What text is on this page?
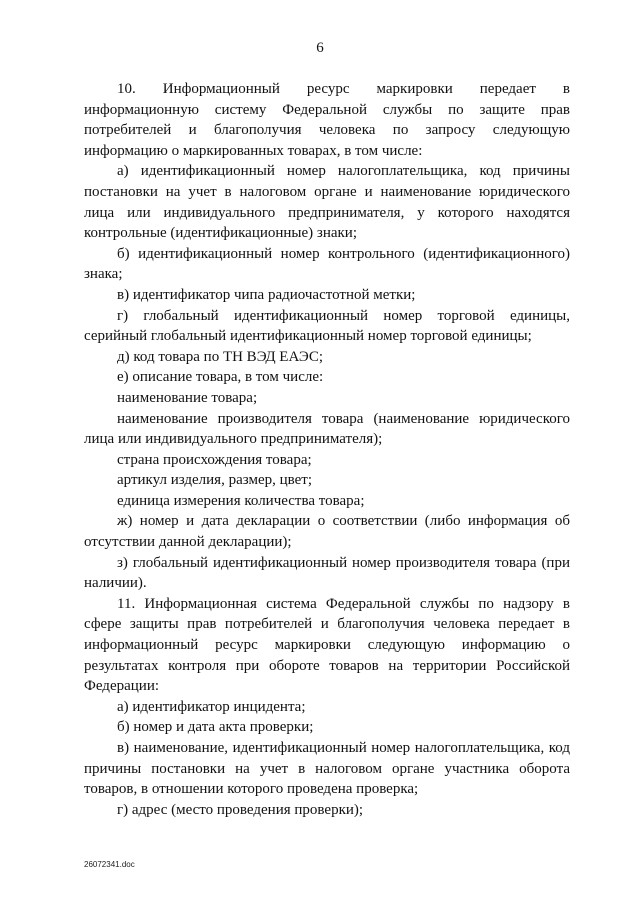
6

10. Информационный ресурс маркировки передает в информационную систему Федеральной службы по защите прав потребителей и благополучия человека по запросу следующую информацию о маркированных товарах, в том числе:

а) идентификационный номер налогоплательщика, код причины постановки на учет в налоговом органе и наименование юридического лица или индивидуального предпринимателя, у которого находятся контрольные (идентификационные) знаки;

б) идентификационный номер контрольного (идентификационного) знака;

в) идентификатор чипа радиочастотной метки;

г) глобальный идентификационный номер торговой единицы, серийный глобальный идентификационный номер торговой единицы;

д) код товара по ТН ВЭД ЕАЭС;

е) описание товара, в том числе:

наименование товара;

наименование производителя товара (наименование юридического лица или индивидуального предпринимателя);

страна происхождения товара;

артикул изделия, размер, цвет;

единица измерения количества товара;

ж) номер и дата декларации о соответствии (либо информация об отсутствии данной декларации);

з) глобальный идентификационный номер производителя товара (при наличии).

11. Информационная система Федеральной службы по надзору в сфере защиты прав потребителей и благополучия человека передает в информационный ресурс маркировки следующую информацию о результатах контроля при обороте товаров на территории Российской Федерации:

а) идентификатор инцидента;

б) номер и дата акта проверки;

в) наименование, идентификационный номер налогоплательщика, код причины постановки на учет в налоговом органе участника оборота товаров, в отношении которого проведена проверка;

г) адрес (место проведения проверки);

26072341.doc
